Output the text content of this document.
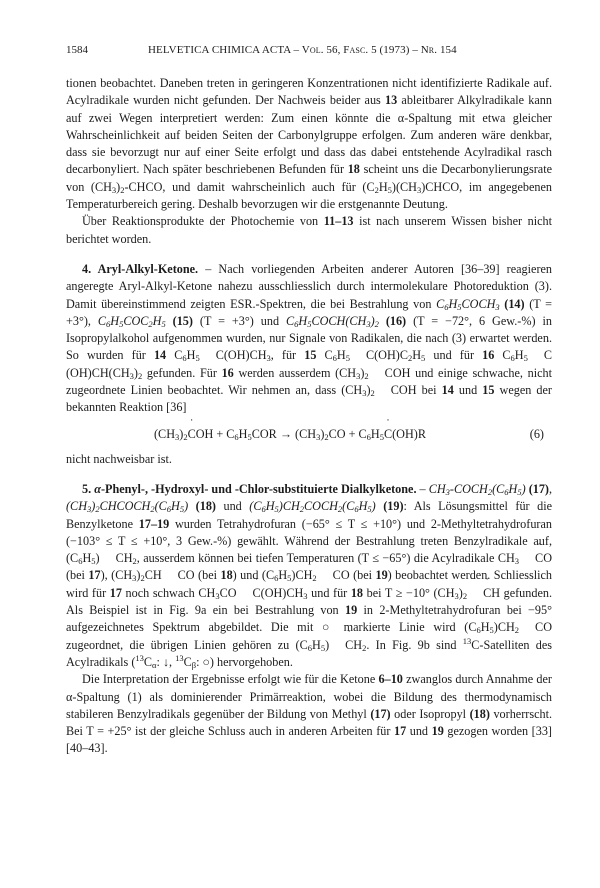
1584	HELVETICA CHIMICA ACTA – Vol. 56, Fasc. 5 (1973) – Nr. 154

tionen beobachtet. Daneben treten in geringeren Konzentrationen nicht identifizierte Radikale auf. Acylradikale wurden nicht gefunden. Der Nachweis beider aus 13 ableitbarer Alkylradikale kann auf zwei Wegen interpretiert werden: Zum einen könnte die α-Spaltung mit etwa gleicher Wahrscheinlichkeit auf beiden Seiten der Carbonylgruppe erfolgen. Zum anderen wäre denkbar, dass sie bevorzugt nur auf einer Seite erfolgt und dass das dabei entstehende Acylradikal rasch decarbonyliert. Nach später beschriebenen Befunden für 18 scheint uns die Decarbonylierungsrate von $(CH_3)_2$-CHC ˙O, und damit wahrscheinlich auch für $(C_2H_5)(CH_3)CHC$ ˙O, im angegebenen Temperaturbereich gering. Deshalb bevorzugen wir die erstgenannte Deutung.

Über Reaktionsprodukte der Photochemie von 11–13 ist nach unserem Wissen bisher nicht berichtet worden.

4. Aryl-Alkyl-Ketone. – Nach vorliegenden Arbeiten anderer Autoren [36–39] reagieren angeregte Aryl-Alkyl-Ketone nahezu ausschliesslich durch intermolekulare Photoreduktion (3). Damit übereinstimmend zeigten ESR.-Spektren, die bei Bestrahlung von $C_6H_5COCH_3$ (14) (T = +3°), $C_6H_5COC_2H_5$ (15) (T = +3°) und $C_6H_5COCH(CH_3)_2$ (16) (T = −72°, 6 Gew.-%) in Isopropylalkohol aufgenommen wurden, nur Signale von Radikalen, die nach (3) erwartet werden. So wurden für 14 $C_6H_5$ C $˙(OH)CH_3$, für 15 $C_6H_5$ C $˙(OH)C_2H_5$ und für 16 $C_6H_5$ C $˙(OH)CH(CH_3)_2$ gefunden. Für 16 werden ausserdem $(CH_3)_2$ C ˙OH und einige schwache, nicht zugeordnete Linien beobachtet. Wir nehmen an, dass $(CH_3)_2$ C ˙OH bei 14 und 15 wegen der bekannten Reaktion [36]

$(CH_3)_2C$ ˙OH + $C_6H_5COR \to (CH_3)_2CO + C_6H_5C$ ˙(OH)R	(6)

nicht nachweisbar ist.

5. α-Phenyl-, -Hydroxyl- und -Chlor-substituierte Dialkylketone. – $CH_3-COCH_2(C_6H_5)$ (17), $(CH_3)_2CHCOCH_2(C_6H_5)$ (18) und $(C_6H_5)CH_2COCH_2(C_6H_5)$ (19): Als Lösungsmittel für die Benzylketone 17–19 wurden Tetrahydrofuran (−65° ≤ T ≤ +10°) und 2-Methyltetrahydrofuran (−103° ≤ T ≤ +10°, 3 Gew.-%) gewählt. Während der Bestrahlung treten Benzylradikale auf, $(C_6H_5)$ C $˙H_2$, ausserdem können bei tiefen Temperaturen (T ≤ −65°) die Acylradikale $CH_3$ C ˙O (bei 17), $(CH_3)_2CH$ C ˙O (bei 18) und $(C_6H_5)CH_2$ C ˙O (bei 19) beobachtet werden. Schliesslich wird für 17 noch schwach $CH_3CO$ C $˙(OH)CH_3$ und für 18 bei T ≥ −10° $(CH_3)_2$ C ˙H gefunden. Als Beispiel ist in Fig. 9a ein bei Bestrahlung von 19 in 2-Methyltetrahydrofuran bei −95° aufgezeichnetes Spektrum abgebildet. Die mit ○ markierte Linie wird $(C_6H_5)CH_2$ C ˙O zugeordnet, die übrigen Linien gehören zu $(C_6H_5)$ C $˙H_2$. In Fig. 9b sind $^{13}$C-Satelliten des Acylradikals ($^{13}C_\alpha$: ↓, $^{13}C_\beta$: ○) hervorgehoben.

Die Interpretation der Ergebnisse erfolgt wie für die Ketone 6–10 zwanglos durch Annahme der α-Spaltung (1) als dominierender Primärreaktion, wobei die Bildung des thermodynamisch stabileren Benzylradikals gegenüber der Bildung von Methyl (17) oder Isopropyl (18) vorherrscht. Bei T = +25° ist der gleiche Schluss auch in anderen Arbeiten für 17 und 19 gezogen worden [33] [40–43].
